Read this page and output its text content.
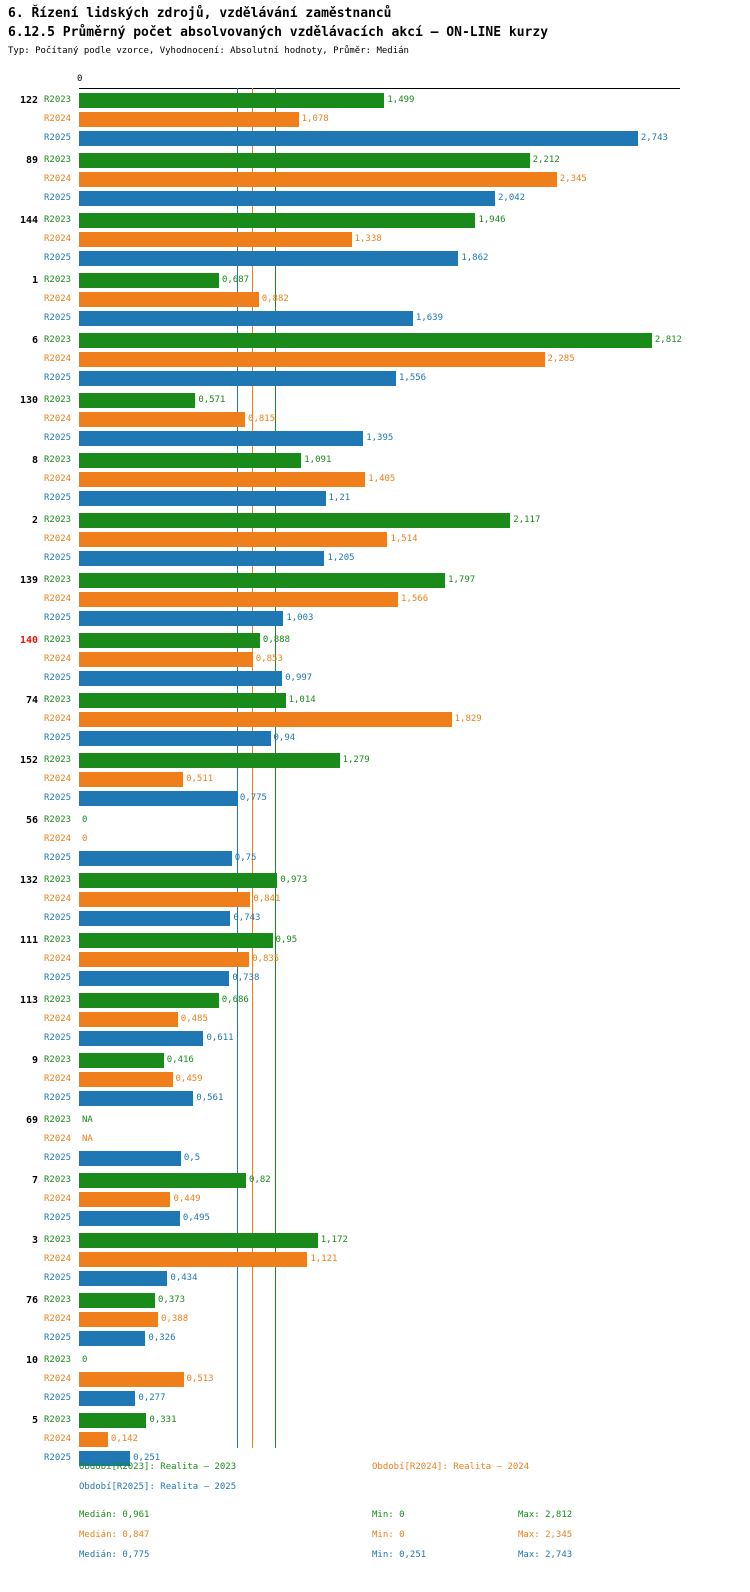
6. Řízení lidských zdrojů, vzdělávání zaměstnanců
6.12.5 Průměrný počet absolvovaných vzdělávacích akcí – ON-LINE kurzy
Typ: Počítaný podle vzorce, Vyhodnocení: Absolutní hodnoty, Průměr: Medián
0
122 R2023	1,499
R2024	1,078
R2025	2,743
89 R2023	2,212
R2024	2,345
R2025	2,042
144 R2023	1,946
R2024	1,338
R2025	1,862
1 R2023	0,687
R2024	0,882
R2025	1,639
6 R2023	2,812
R2024	2,285
R2025	1,556
130 R2023	0,571
R2024	0,815
R2025	1,395
8 R2023	1,091
R2024	1,405
R2025	1,21
2 R2023	2,117
R2024	1,514
R2025	1,205
139 R2023	1,797
R2024	1,566
R2025	1,003
140 R2023	0,888
R2024	0,853
R2025	0,997
74 R2023	1,014
R2024	1,829
R2025	0,94
152 R2023	1,279
R2024	0,511
R2025	0,775
56 R2023 0
R2024 0
R2025	0,75
132 R2023	0,973
R2024	0,841
R2025	0,743
111 R2023	0,95
R2024	0,835
R2025	0,738
113 R2023	0,686
R2024	0,485
R2025	0,611
9 R2023	0,416
R2024	0,459
R2025	0,561
69 R2023 NA
R2024 NA
R2025	0,5
7 R2023	0,82
R2024	0,449
R2025	0,495
3 R2023	1,172
R2024	1,121
R2025	0,434
76 R2023	0,373
R2024	0,388
R2025	0,326
10 R2023 0
R2024	0,513
R2025	0,277
5 R2023	0,331
R2024	0,142
R2025	0,251
Období[R2023]: Realita – 2023	Období[R2024]: Realita – 2024
Období[R2025]: Realita – 2025
Medián: 0,961	Min: 0	Max: 2,812
Medián: 0,847	Min: 0	Max: 2,345
Medián: 0,775	Min: 0,251	Max: 2,743
